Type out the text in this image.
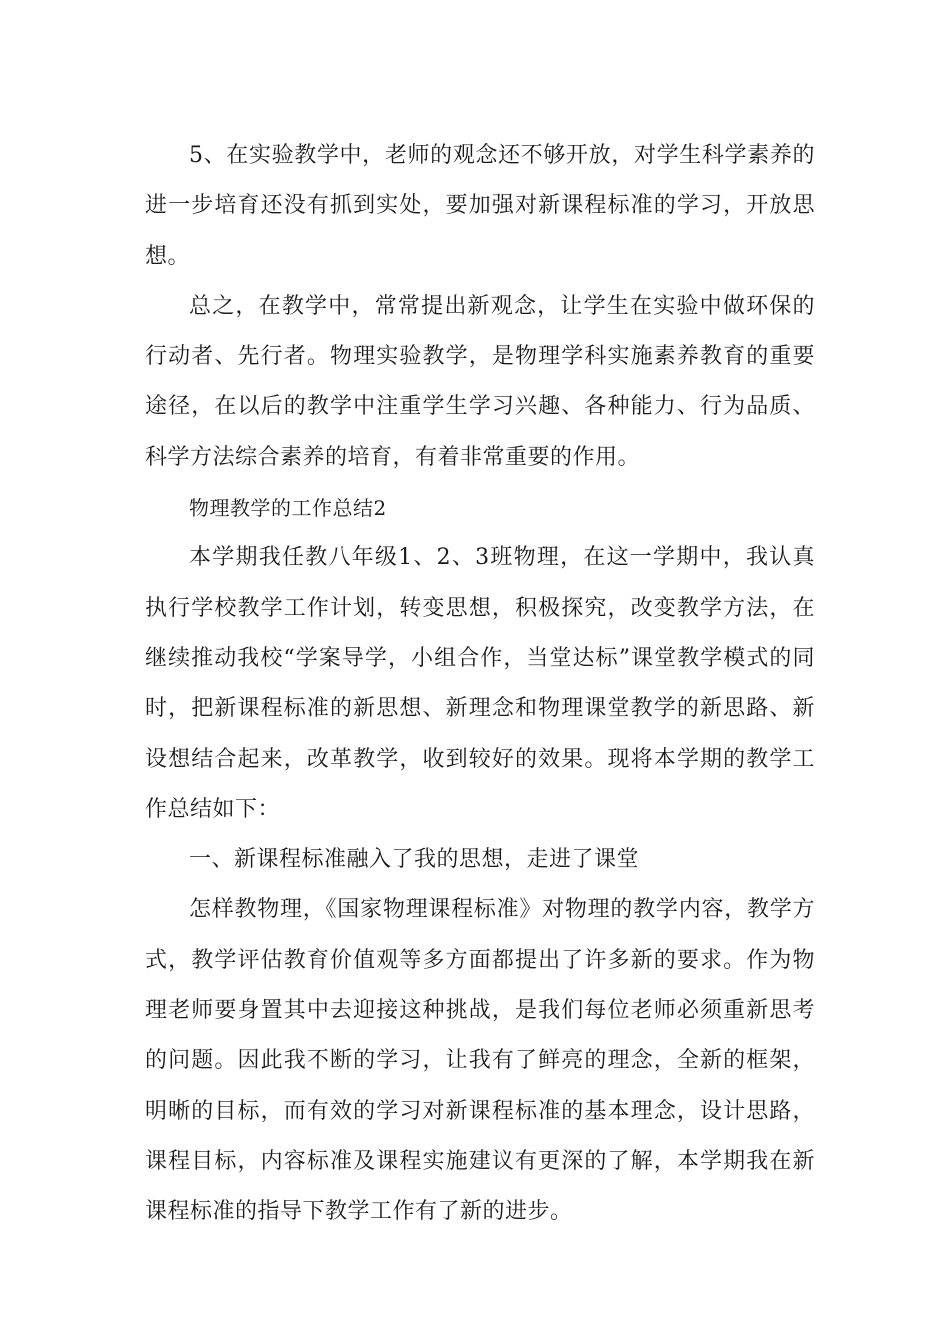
5、在实验教学中，老师的观念还不够开放，对学生科学素养的进一步培育还没有抓到实处，要加强对新课程标准的学习，开放思想。

总之，在教学中，常常提出新观念，让学生在实验中做环保的行动者、先行者。物理实验教学，是物理学科实施素养教育的重要途径，在以后的教学中注重学生学习兴趣、各种能力、行为品质、科学方法综合素养的培育，有着非常重要的作用。

物理教学的工作总结2

本学期我任教八年级1、2、3班物理，在这一学期中，我认真执行学校教学工作计划，转变思想，积极探究，改变教学方法，在继续推动我校“学案导学，小组合作，当堂达标”课堂教学模式的同时，把新课程标准的新思想、新理念和物理课堂教学的新思路、新设想结合起来，改革教学，收到较好的效果。现将本学期的教学工作总结如下：

一、新课程标准融入了我的思想，走进了课堂

怎样教物理，《国家物理课程标准》对物理的教学内容，教学方式，教学评估教育价值观等多方面都提出了许多新的要求。作为物理老师要身置其中去迎接这种挑战，是我们每位老师必须重新思考的问题。因此我不断的学习，让我有了鲜亮的理念，全新的框架，明晰的目标，而有效的学习对新课程标准的基本理念，设计思路，课程目标，内容标准及课程实施建议有更深的了解，本学期我在新课程标准的指导下教学工作有了新的进步。
